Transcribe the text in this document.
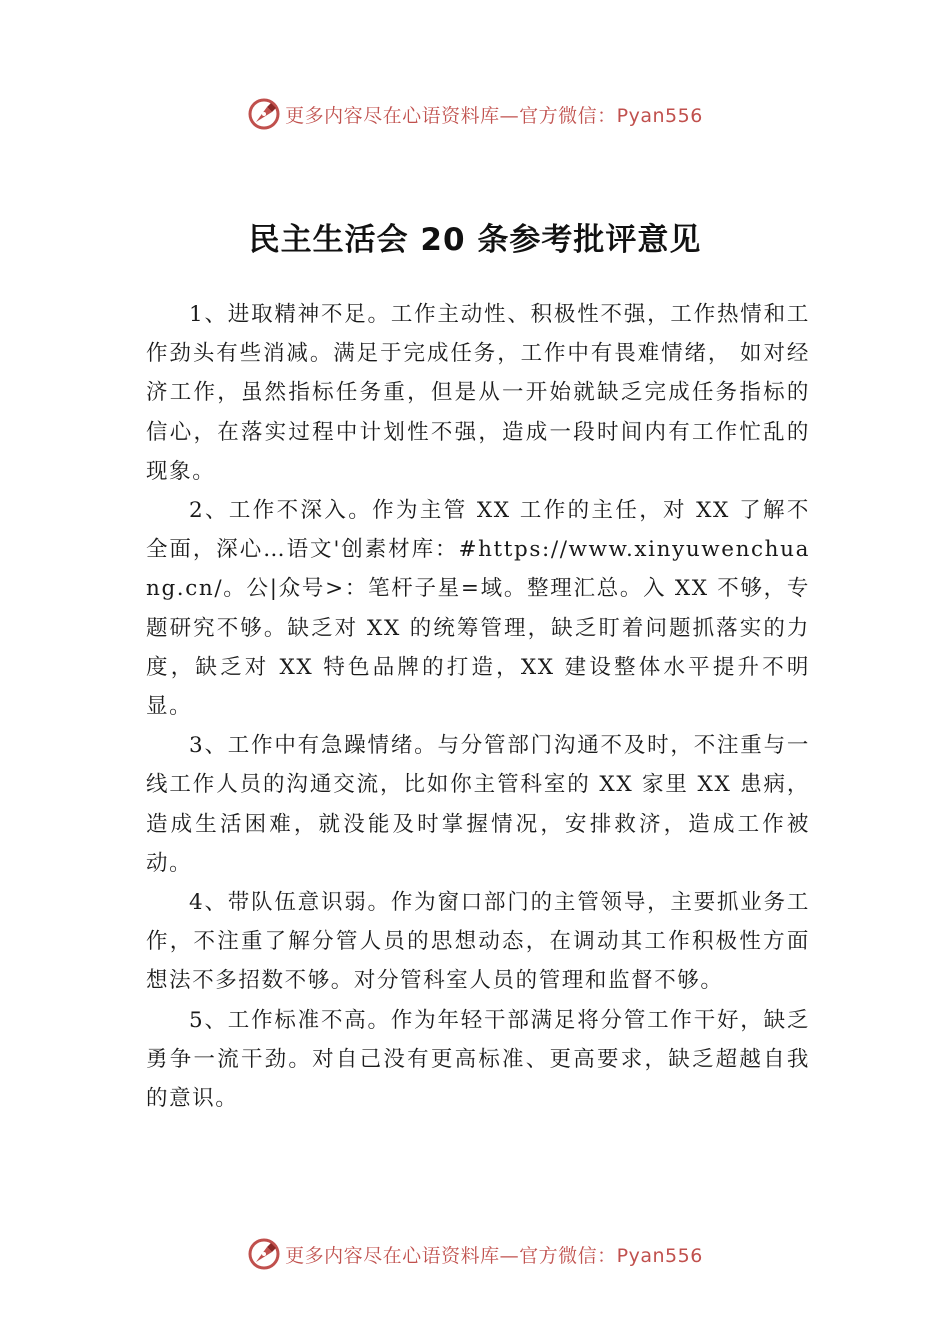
更多内容尽在心语资料库—官方微信：Pyan556
民主生活会 20 条参考批评意见

1、进取精神不足。工作主动性、积极性不强，工作热情和工作劲头有些消减。满足于完成任务，工作中有畏难情绪， 如对经济工作，虽然指标任务重，但是从一开始就缺乏完成任务指标的信心，在落实过程中计划性不强，造成一段时间内有工作忙乱的现象。

2、工作不深入。作为主管 XX 工作的主任，对 XX 了解不全面，深心…语文'创素材库：#https://www.xinyuwenchuang.cn/。公|众号>：笔杆子星=域。整理汇总。入 XX 不够，专题研究不够。缺乏对 XX 的统筹管理，缺乏盯着问题抓落实的力度，缺乏对 XX 特色品牌的打造，XX 建设整体水平提升不明显。

3、工作中有急躁情绪。与分管部门沟通不及时，不注重与一线工作人员的沟通交流，比如你主管科室的 XX 家里 XX 患病，造成生活困难，就没能及时掌握情况，安排救济，造成工作被动。

4、带队伍意识弱。作为窗口部门的主管领导，主要抓业务工作，不注重了解分管人员的思想动态，在调动其工作积极性方面想法不多招数不够。对分管科室人员的管理和监督不够。

5、工作标准不高。作为年轻干部满足将分管工作干好，缺乏勇争一流干劲。对自己没有更高标准、更高要求，缺乏超越自我的意识。

更多内容尽在心语资料库—官方微信：Pyan556
